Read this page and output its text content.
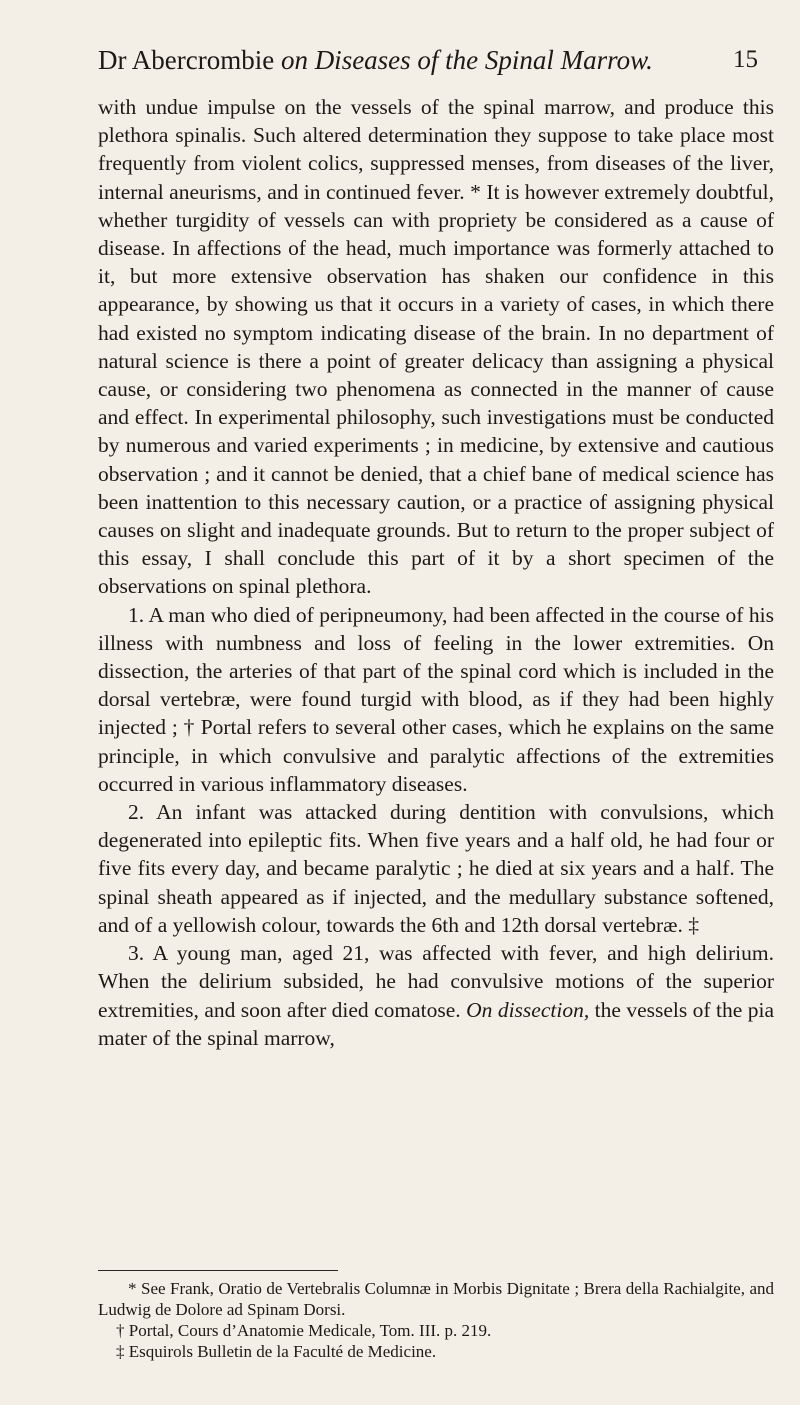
Dr Abercrombie on Diseases of the Spinal Marrow.	15

with undue impulse on the vessels of the spinal marrow, and produce this plethora spinalis. Such altered determination they suppose to take place most frequently from violent colics, suppressed menses, from diseases of the liver, internal aneurisms, and in continued fever. * It is however extremely doubtful, whether turgidity of vessels can with propriety be considered as a cause of disease. In affections of the head, much importance was formerly attached to it, but more extensive observation has shaken our confidence in this appearance, by showing us that it occurs in a variety of cases, in which there had existed no symptom indicating disease of the brain. In no department of natural science is there a point of greater delicacy than assigning a physical cause, or considering two phenomena as connected in the manner of cause and effect. In experimental philosophy, such investigations must be conducted by numerous and varied experiments ; in medicine, by extensive and cautious observation ; and it cannot be denied, that a chief bane of medical science has been inattention to this necessary caution, or a practice of assigning physical causes on slight and inadequate grounds. But to return to the proper subject of this essay, I shall conclude this part of it by a short specimen of the observations on spinal plethora.

1. A man who died of peripneumony, had been affected in the course of his illness with numbness and loss of feeling in the lower extremities. On dissection, the arteries of that part of the spinal cord which is included in the dorsal vertebræ, were found turgid with blood, as if they had been highly injected ; † Portal refers to several other cases, which he explains on the same principle, in which convulsive and paralytic affections of the extremities occurred in various inflammatory diseases.

2. An infant was attacked during dentition with convulsions, which degenerated into epileptic fits. When five years and a half old, he had four or five fits every day, and became paralytic ; he died at six years and a half. The spinal sheath appeared as if injected, and the medullary substance softened, and of a yellowish colour, towards the 6th and 12th dorsal vertebræ. ‡

3. A young man, aged 21, was affected with fever, and high delirium. When the delirium subsided, he had convulsive motions of the superior extremities, and soon after died comatose. On dissection, the vessels of the pia mater of the spinal marrow,

* See Frank, Oratio de Vertebralis Columnæ in Morbis Dignitate ; Brera della Rachialgite, and Ludwig de Dolore ad Spinam Dorsi.

† Portal, Cours d’Anatomie Medicale, Tom. III. p. 219.

‡ Esquirols Bulletin de la Faculté de Medicine.
